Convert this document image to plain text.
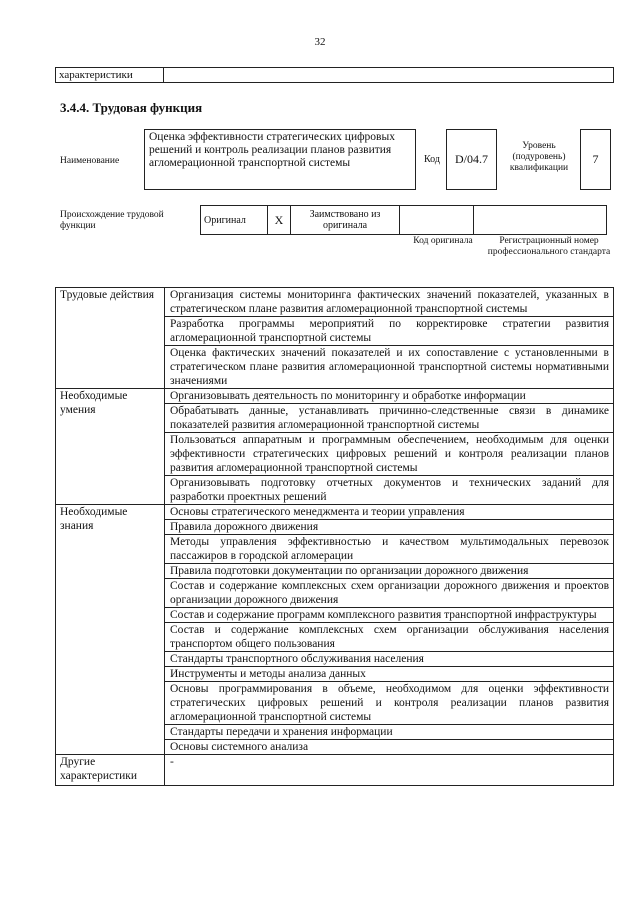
32
характеристики	
3.4.4. Трудовая функция
Наименование
Оценка эффективности стратегических цифровых решений и контроль реализации планов развития агломерационной транспортной системы	Код	D/04.7
Уровень (подуровень) квалификации
7
Происхождение трудовой функции
Оригинал	X	Заимствовано из оригинала		
Код оригинала	Регистрационный номер профессионального стандарта
Трудовые действия	Организация системы мониторинга фактических значений показателей, указанных в стратегическом плане развития агломерационной транспортной системы
	Разработка программы мероприятий по корректировке стратегии развития агломерационной транспортной системы
	Оценка фактических значений показателей и их сопоставление с установленными в стратегическом плане развития агломерационной транспортной системы нормативными значениями
Необходимые умения	Организовывать деятельность по мониторингу и обработке информации
	Обрабатывать данные, устанавливать причинно-следственные связи в динамике показателей развития агломерационной транспортной системы
	Пользоваться аппаратным и программным обеспечением, необходимым для оценки эффективности стратегических цифровых решений и контроля реализации планов развития агломерационной транспортной системы
	Организовывать подготовку отчетных документов и технических заданий для разработки проектных решений
Необходимые знания	Основы стратегического менеджмента и теории управления
	Правила дорожного движения
	Методы управления эффективностью и качеством мультимодальных перевозок пассажиров в городской агломерации
	Правила подготовки документации по организации дорожного движения
	Состав и содержание комплексных схем организации дорожного движения и проектов организации дорожного движения
	Состав и содержание программ комплексного развития транспортной инфраструктуры
	Состав и содержание комплексных схем организации обслуживания населения транспортом общего пользования
	Стандарты транспортного обслуживания населения
	Инструменты и методы анализа данных
	Основы программирования в объеме, необходимом для оценки эффективности стратегических цифровых решений и контроля реализации планов развития агломерационной транспортной системы
	Стандарты передачи и хранения информации
	Основы системного анализа
Другие характеристики	-
